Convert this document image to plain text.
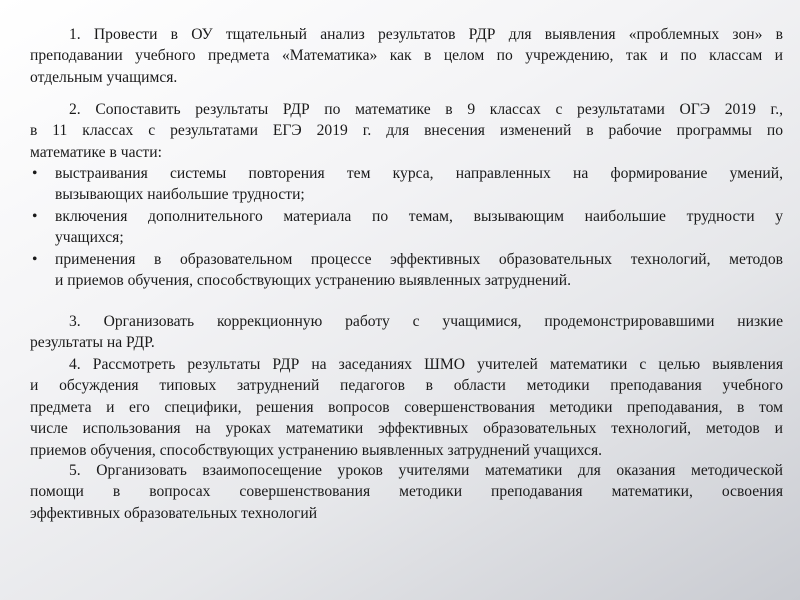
1. Провести в ОУ тщательный анализ результатов РДР для выявления «проблемных зон» в
преподавании учебного предмета «Математика» как в целом по учреждению, так и по классам и
отдельным учащимся.
2. Сопоставить результаты РДР по математике в 9 классах с результатами ОГЭ 2019 г.,
в 11 классах с результатами ЕГЭ 2019 г. для внесения изменений в рабочие программы по
математике в части:
• выстраивания системы повторения тем курса, направленных на формирование умений,
вызывающих наибольшие трудности;
• включения дополнительного материала по темам, вызывающим наибольшие трудности у
учащихся;
• применения в образовательном процессе эффективных образовательных технологий, методов
и приемов обучения, способствующих устранению выявленных затруднений.
3. Организовать коррекционную работу с учащимися, продемонстрировавшими низкие
результаты на РДР.
4. Рассмотреть результаты РДР на заседаниях ШМО учителей математики с целью выявления
и обсуждения типовых затруднений педагогов в области методики преподавания учебного
предмета и его специфики, решения вопросов совершенствования методики преподавания, в том
числе использования на уроках математики эффективных образовательных технологий, методов и
приемов обучения, способствующих устранению выявленных затруднений учащихся.
5. Организовать взаимопосещение уроков учителями математики для оказания методической
помощи в вопросах совершенствования методики преподавания математики, освоения
эффективных образовательных технологий
